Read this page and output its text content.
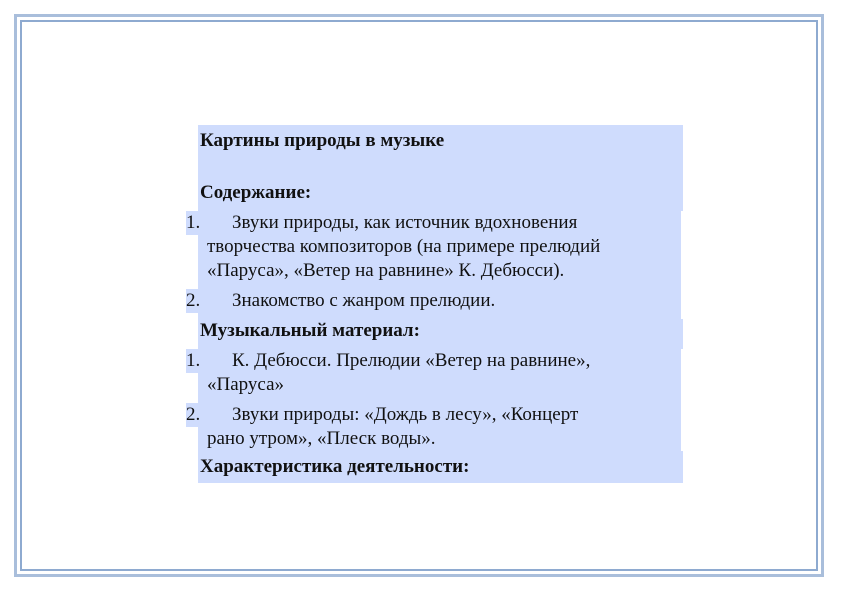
Картины природы в музыке
Содержание:
1.	Звуки природы, как источник вдохновения
творчества композиторов (на примере прелюдий
«Паруса», «Ветер на равнине» К. Дебюсси).
2.	Знакомство с жанром прелюдии.
Музыкальный материал:
1.	К. Дебюсси. Прелюдии «Ветер на равнине»,
«Паруса»
2.	Звуки природы: «Дождь в лесу», «Концерт
рано утром», «Плеск воды».
Характеристика деятельности:
